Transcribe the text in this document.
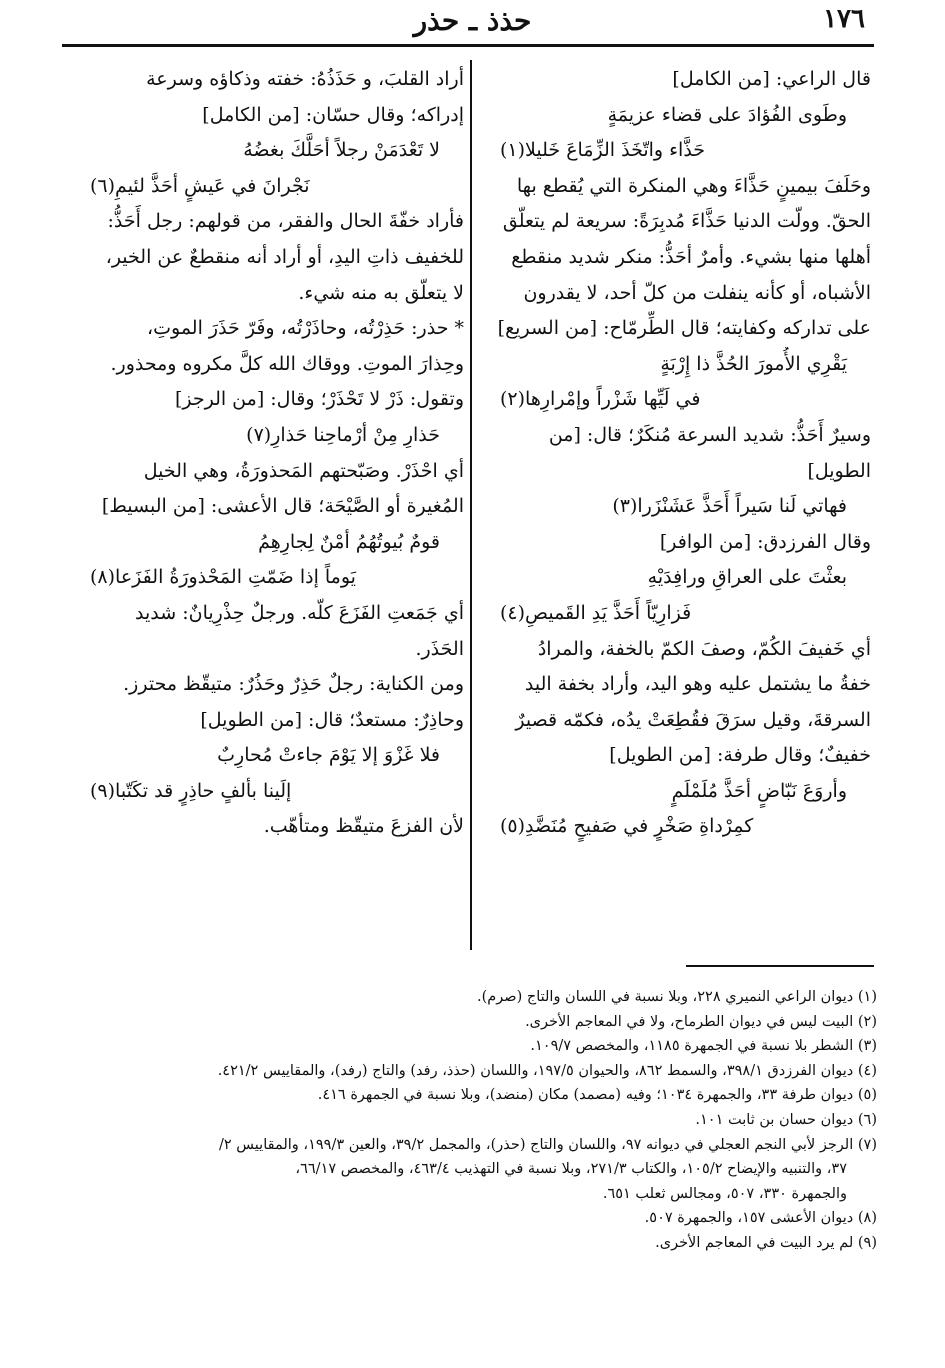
١٧٦
حذذ ـ حذر
قال الراعي: [من الكامل]
وطَوى الفُؤادَ على قضاء عزيمَةٍ
حَذَّاء واتّخَذَ الزِّمَاعَ خَليلا(١)
وحَلَفَ بيمينٍ حَذَّاءَ وهي المنكرة التي يُقطع بها
الحقّ. وولّت الدنيا حَذَّاءَ مُدبِرَةً: سريعة لم يتعلّق
أهلها منها بشيء. وأمرٌ أحَذُّ: منكر شديد منقطع
الأشباه، أو كأنه ينفلت من كلّ أحد، لا يقدرون
على تداركه وكفايته؛ قال الطِّرمّاح: [من السريع]
يَقْرِي الأُمورَ الحُذَّ ذا إِرْبَةٍ
في لَيِّها شَزْراً وإمْرارِها(٢)
وسيرٌ أَحَذُّ: شديد السرعة مُنكَرٌ؛ قال: [من
الطويل]
فهاتي لَنا سَيراً أَحَذَّ عَشَنْزَرا(٣)
وقال الفرزدق: [من الوافر]
بعثْتَ على العراقِ ورافِدَيْهِ
فَزارِيّاً أَحَذَّ يَدِ القَميصِ(٤)
أي خَفيفَ الكُمّ، وصفَ الكمّ بالخفة، والمرادُ
خفةُ ما يشتمل عليه وهو اليد، وأراد بخفة اليد
السرقةَ، وقيل سرَقَ فقُطِعَتْ يدُه، فكمّه قصيرٌ
خفيفٌ؛ وقال طرفة: [من الطويل]
وأروَعَ نَبّاضٍ أحَذَّ مُلَمْلَمٍ
كمِرْداةِ صَخْرٍ في صَفيحٍ مُنَضَّدِ(٥)
أراد القلبَ، و حَذَذُهُ: خفته وذكاؤه وسرعة
إدراكه؛ وقال حسّان: [من الكامل]
لا تَعْدَمَنْ رجلاً أحَلَّكَ بغضُهُ
نَجْرانَ في عَيشٍ أحَذَّ لئيمِ(٦)
فأراد خفّةَ الحال والفقر، من قولهم: رجل أَحَذُّ:
للخفيف ذاتِ اليدِ، أو أراد أنه منقطعٌ عن الخير،
لا يتعلّق به منه شيء.
* حذر: حَذِرْتُه، وحاذَرْتُه، وفَرّ حَذَرَ الموتِ،
وحِذارَ الموتِ. ووقاك الله كلَّ مكروه ومحذور.
وتقول: ذَرْ لا تَحْذَرْ؛ وقال: [من الرجز]
حَذارِ مِنْ أرْماحِنا حَذارِ(٧)
أي احْذَرْ. وصَبّحتهم المَحذورَةُ، وهي الخيل
المُغيرة أو الصَّيْحَة؛ قال الأعشى: [من البسيط]
قومٌ بُيوتُهُمُ أمْنٌ لِجارِهِمُ
يَوماً إذا ضَمّتِ المَحْذورَةُ الفَزَعا(٨)
أي جَمَعتِ الفَزَعَ كلّه. ورجلٌ حِذْرِيانٌ: شديد
الحَذَر.
ومن الكناية: رجلٌ حَذِرٌ وحَذُرٌ: متيقّظ محترز.
وحاذِرٌ: مستعدٌ؛ قال: [من الطويل]
فلا غَزْوَ إلا يَوْمَ جاءتْ مُحارِبٌ
إلَينا بألفٍ حاذِرٍ قد تكَتّبا(٩)
لأن الفزعَ متيقّظ ومتأهّب.
(١) ديوان الراعي النميري ٢٢٨، وبلا نسبة في اللسان والتاج (صرم).
(٢) البيت ليس في ديوان الطرماح، ولا في المعاجم الأخرى.
(٣) الشطر بلا نسبة في الجمهرة ١١٨٥، والمخصص ١٠٩/٧.
(٤) ديوان الفرزدق ٣٩٨/١، والسمط ٨٦٢، والحيوان ١٩٧/٥، واللسان (حذذ، رفد) والتاج (رفد)، والمقاييس ٤٢١/٢.
(٥) ديوان طرفة ٣٣، والجمهرة ١٠٣٤؛ وفيه (مصمد) مكان (منضد)، وبلا نسبة في الجمهرة ٤١٦.
(٦) ديوان حسان بن ثابت ١٠١.
(٧) الرجز لأبي النجم العجلي في ديوانه ٩٧، واللسان والتاج (حذر)، والمجمل ٣٩/٢، والعين ١٩٩/٣، والمقاييس ٢/
٣٧، والتنبيه والإيضاح ١٠٥/٢، والكتاب ٢٧١/٣، وبلا نسبة في التهذيب ٤٦٣/٤، والمخصص ٦٦/١٧،
والجمهرة ٣٣٠، ٥٠٧، ومجالس ثعلب ٦٥١.
(٨) ديوان الأعشى ١٥٧، والجمهرة ٥٠٧.
(٩) لم يرد البيت في المعاجم الأخرى.
